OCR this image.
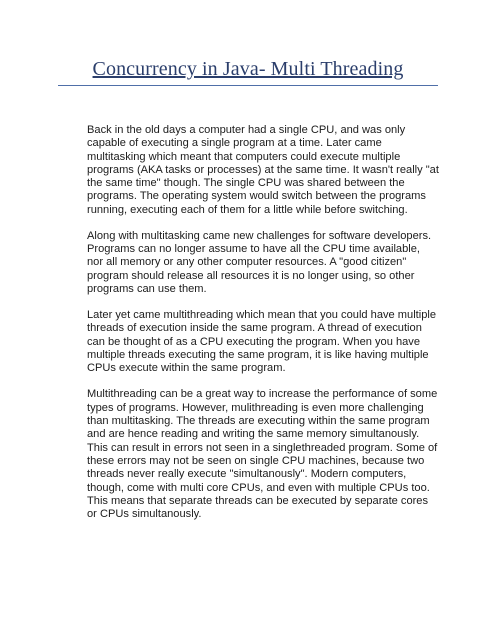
Concurrency in Java- Multi Threading

Back in the old days a computer had a single CPU, and was only capable of executing a single program at a time. Later came multitasking which meant that computers could execute multiple programs (AKA tasks or processes) at the same time. It wasn't really "at the same time" though. The single CPU was shared between the programs. The operating system would switch between the programs running, executing each of them for a little while before switching.

Along with multitasking came new challenges for software developers. Programs can no longer assume to have all the CPU time available, nor all memory or any other computer resources. A "good citizen" program should release all resources it is no longer using, so other programs can use them.

Later yet came multithreading which mean that you could have multiple threads of execution inside the same program. A thread of execution can be thought of as a CPU executing the program. When you have multiple threads executing the same program, it is like having multiple CPUs execute within the same program.

Multithreading can be a great way to increase the performance of some types of programs. However, mulithreading is even more challenging than multitasking. The threads are executing within the same program and are hence reading and writing the same memory simultanously. This can result in errors not seen in a singlethreaded program. Some of these errors may not be seen on single CPU machines, because two threads never really execute "simultanously". Modern computers, though, come with multi core CPUs, and even with multiple CPUs too. This means that separate threads can be executed by separate cores or CPUs simultanously.
